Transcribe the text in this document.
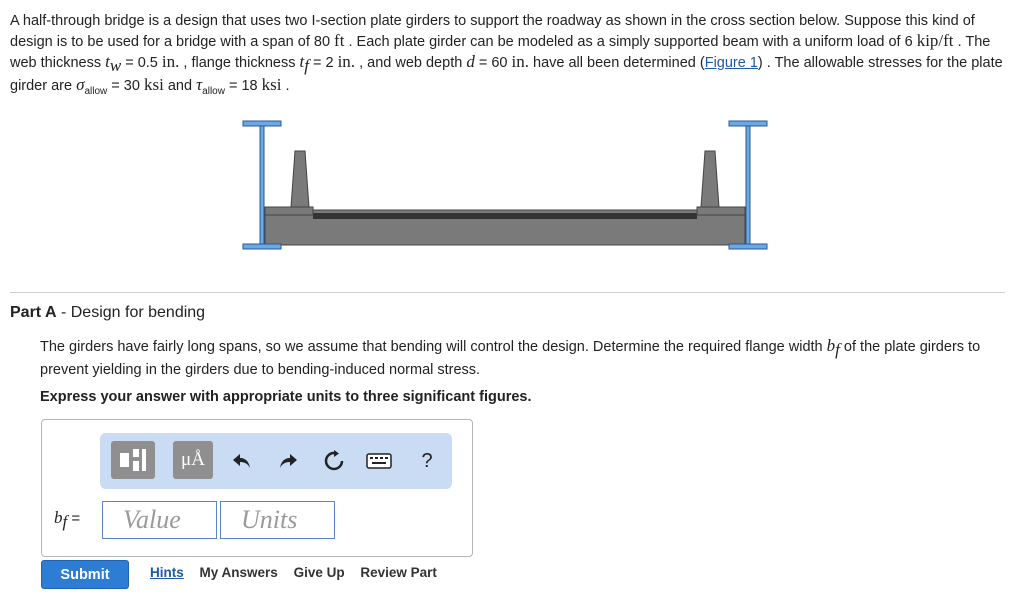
A half-through bridge is a design that uses two I-section plate girders to support the roadway as shown in the cross section below. Suppose this kind of design is to be used for a bridge with a span of 80 ft . Each plate girder can be modeled as a simply supported beam with a uniform load of 6 kip/ft . The web thickness $t_w = 0.5$ in. , flange thickness $t_f = 2$ in. , and web depth d = 60 in. have all been determined (Figure 1) . The allowable stresses for the plate girder are $\sigma_{allow} = 30$ ksi and $\tau_{allow} = 18$ ksi .
Part A - Design for bending
The girders have fairly long spans, so we assume that bending will control the design. Determine the required flange width $b_f$ of the plate girders to prevent yielding in the girders due to bending-induced normal stress.
Express your answer with appropriate units to three significant figures.
μÅ	?
$b_f$ =	Value	Units
Submit	Hints My Answers Give Up Review Part
